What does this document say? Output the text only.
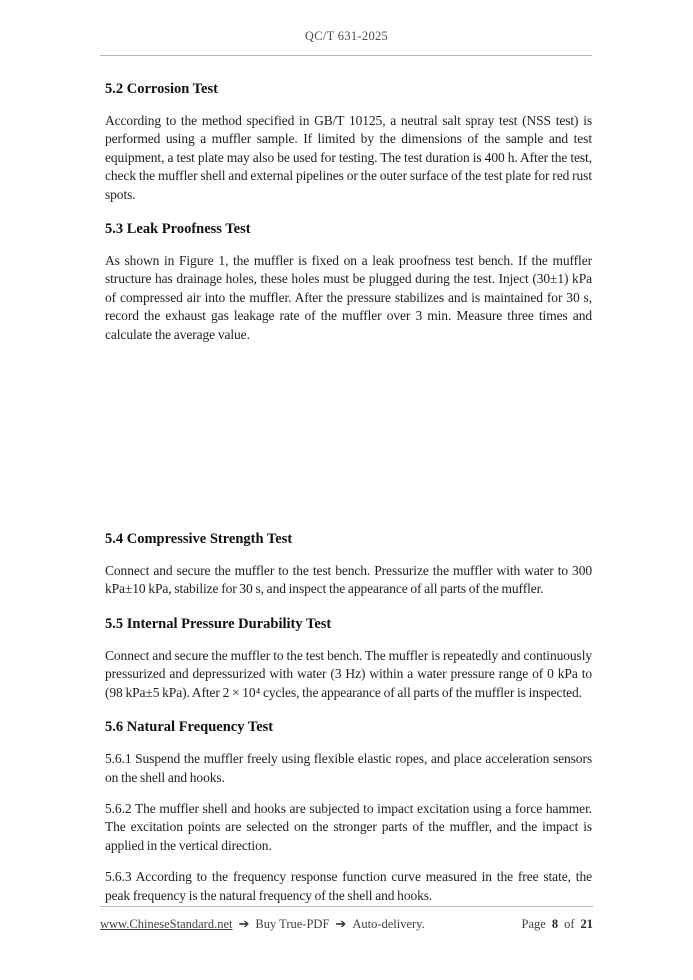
QC/T 631-2025
5.2 Corrosion Test

According to the method specified in GB/T 10125, a neutral salt spray test (NSS test) is performed using a muffler sample. If limited by the dimensions of the sample and test equipment, a test plate may also be used for testing. The test duration is 400 h. After the test, check the muffler shell and external pipelines or the outer surface of the test plate for red rust spots.

5.3 Leak Proofness Test

As shown in Figure 1, the muffler is fixed on a leak proofness test bench. If the muffler structure has drainage holes, these holes must be plugged during the test. Inject (30±1) kPa of compressed air into the muffler. After the pressure stabilizes and is maintained for 30 s, record the exhaust gas leakage rate of the muffler over 3 min. Measure three times and calculate the average value.

5.4 Compressive Strength Test

Connect and secure the muffler to the test bench. Pressurize the muffler with water to 300 kPa±10 kPa, stabilize for 30 s, and inspect the appearance of all parts of the muffler.

5.5 Internal Pressure Durability Test

Connect and secure the muffler to the test bench. The muffler is repeatedly and continuously pressurized and depressurized with water (3 Hz) within a water pressure range of 0 kPa to (98 kPa±5 kPa). After 2 × 10⁴ cycles, the appearance of all parts of the muffler is inspected.

5.6 Natural Frequency Test

5.6.1 Suspend the muffler freely using flexible elastic ropes, and place acceleration sensors on the shell and hooks.

5.6.2 The muffler shell and hooks are subjected to impact excitation using a force hammer. The excitation points are selected on the stronger parts of the muffler, and the impact is applied in the vertical direction.

5.6.3 According to the frequency response function curve measured in the free state, the peak frequency is the natural frequency of the shell and hooks.

www.ChineseStandard.net ➔ Buy True-PDF ➔ Auto-delivery.	Page 8 of 21
